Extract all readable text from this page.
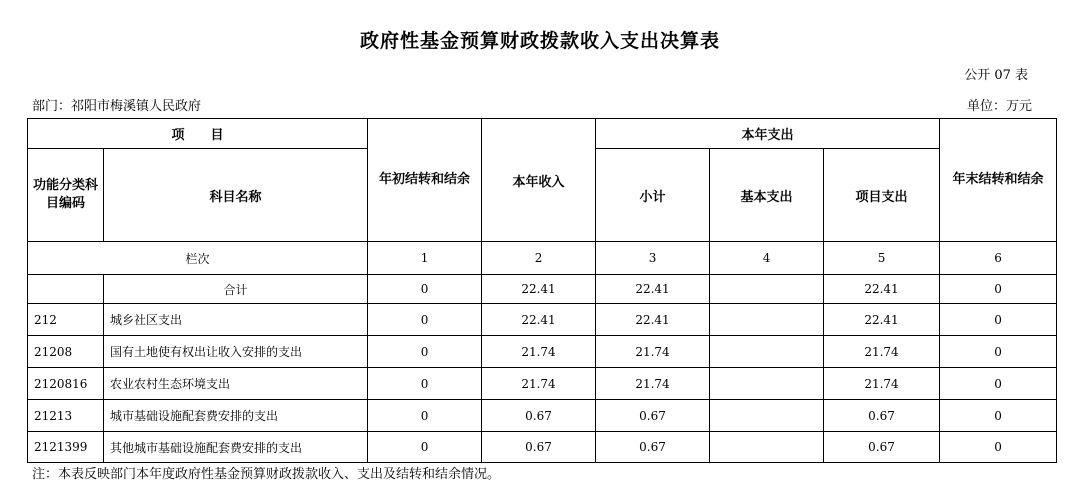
政府性基金预算财政拨款收入支出决算表
公开 07 表
部门：祁阳市梅溪镇人民政府	单位：万元
项　　目		年初结转和结余	本年收入	本年支出			年末结转和结余
功能分类科目编码	科目名称			小计	基本支出	项目支出	
栏次		1	2	3	4	5	6
	合计	0	22.41	22.41		22.41	0
212	城乡社区支出	0	22.41	22.41		22.41	0
21208	国有土地使有权出让收入安排的支出	0	21.74	21.74		21.74	0
2120816	农业农村生态环境支出	0	21.74	21.74		21.74	0
21213	城市基础设施配套费安排的支出	0	0.67	0.67		0.67	0
2121399	其他城市基础设施配套费安排的支出	0	0.67	0.67		0.67	0
注：本表反映部门本年度政府性基金预算财政拨款收入、支出及结转和结余情况。
